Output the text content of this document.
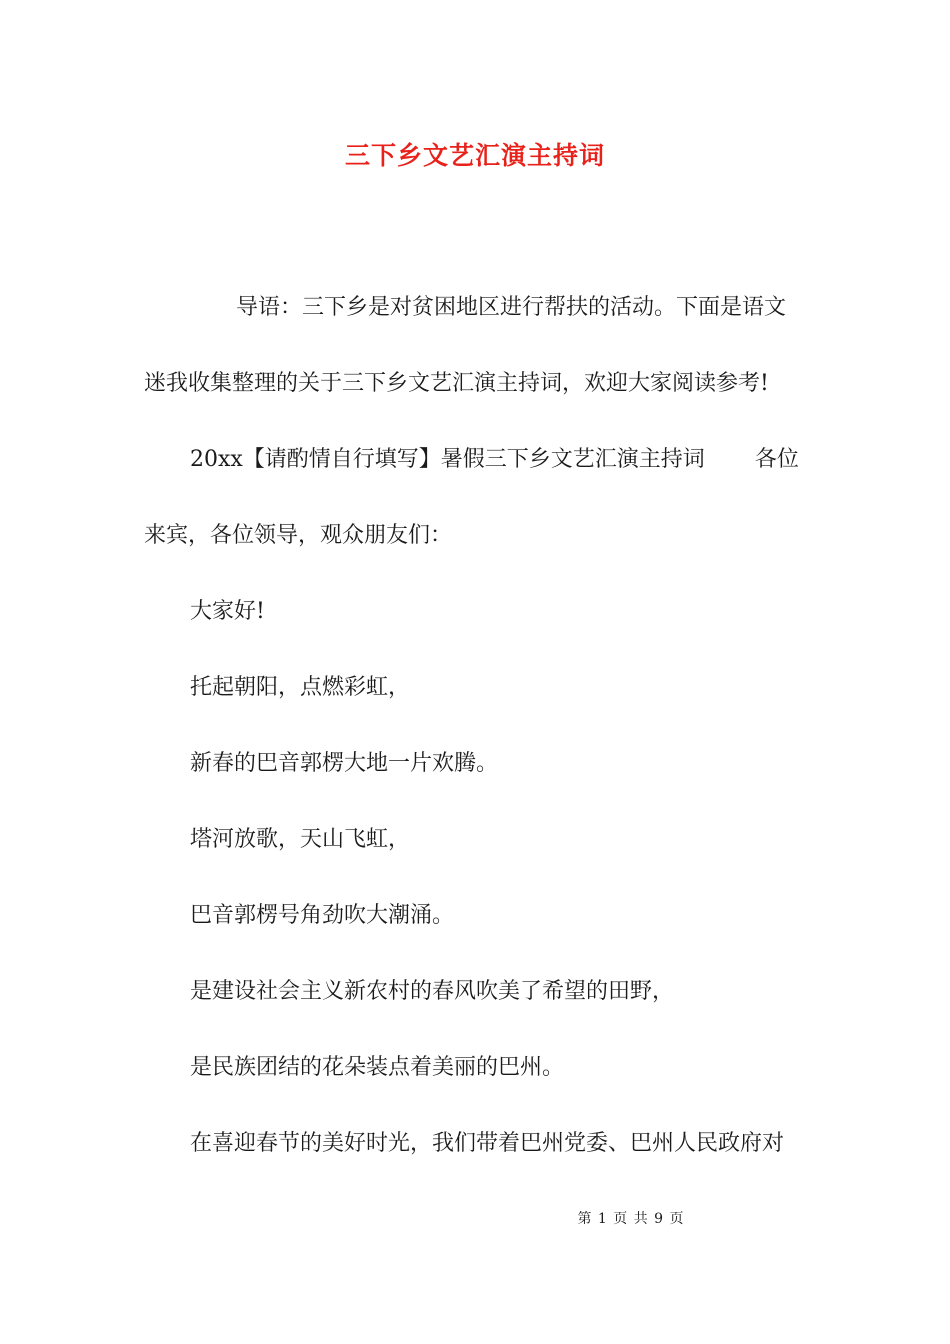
三下乡文艺汇演主持词
导语：三下乡是对贫困地区进行帮扶的活动。下面是语文
迷我收集整理的关于三下乡文艺汇演主持词，欢迎大家阅读参考!
20xx【请酌情自行填写】暑假三下乡文艺汇演主持词 各位
来宾，各位领导，观众朋友们：
大家好!
托起朝阳，点燃彩虹，
新春的巴音郭楞大地一片欢腾。
塔河放歌，天山飞虹，
巴音郭楞号角劲吹大潮涌。
是建设社会主义新农村的春风吹美了希望的田野，
是民族团结的花朵装点着美丽的巴州。
在喜迎春节的美好时光，我们带着巴州党委、巴州人民政府对
第 1 页 共 9 页
